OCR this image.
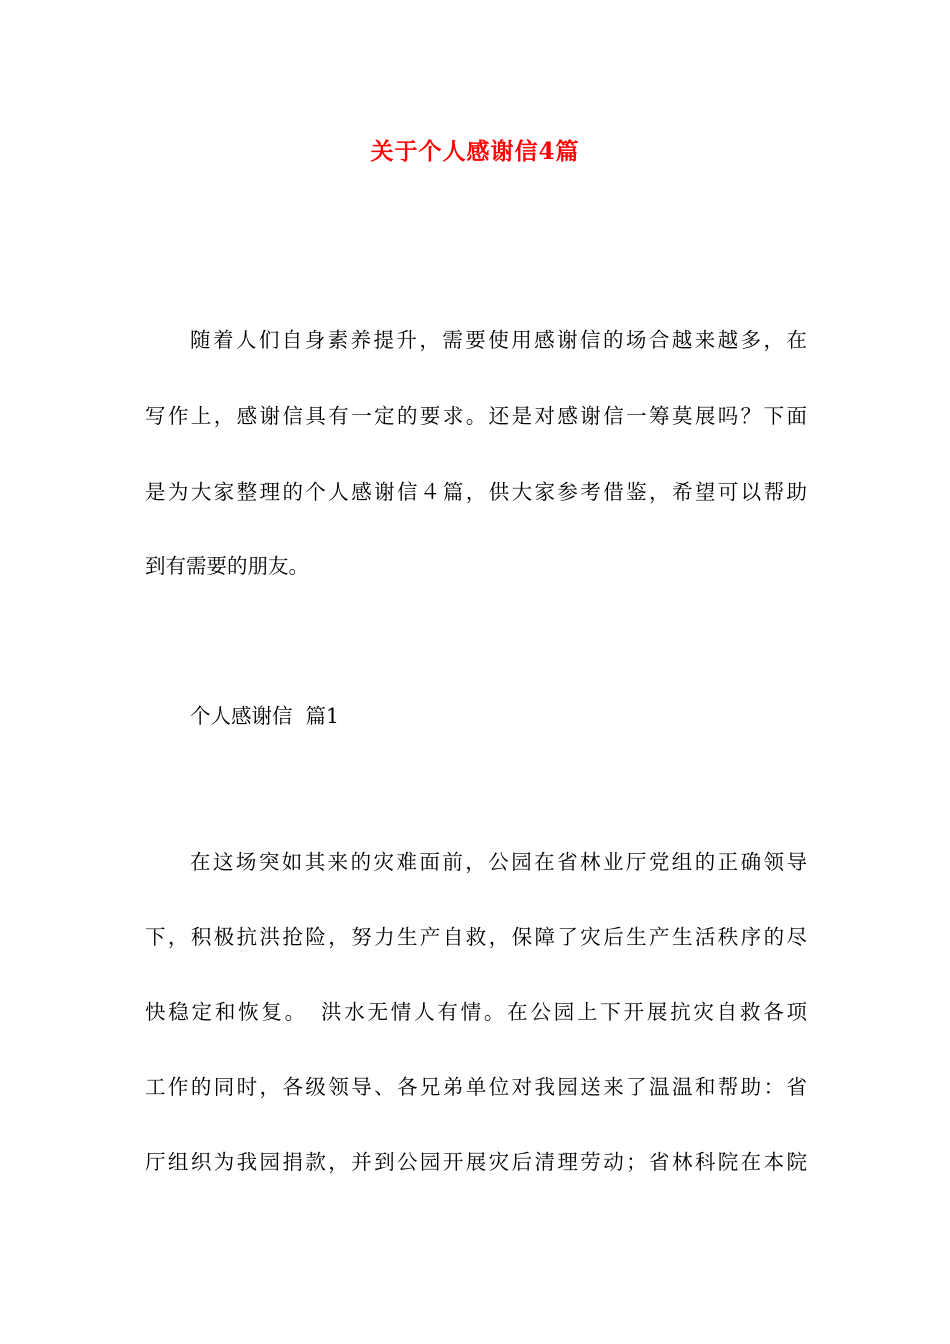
关于个人感谢信4篇
随着人们自身素养提升，需要使用感谢信的场合越来越多，在
写作上，感谢信具有一定的要求。还是对感谢信一筹莫展吗？下面
是为大家整理的个人感谢信４篇，供大家参考借鉴，希望可以帮助
到有需要的朋友。
个人感谢信  篇1
在这场突如其来的灾难面前，公园在省林业厅党组的正确领导
下，积极抗洪抢险，努力生产自救，保障了灾后生产生活秩序的尽
快稳定和恢复。　洪水无情人有情。在公园上下开展抗灾自救各项
工作的同时，各级领导、各兄弟单位对我园送来了温温和帮助：省
厅组织为我园捐款，并到公园开展灾后清理劳动；省林科院在本院
